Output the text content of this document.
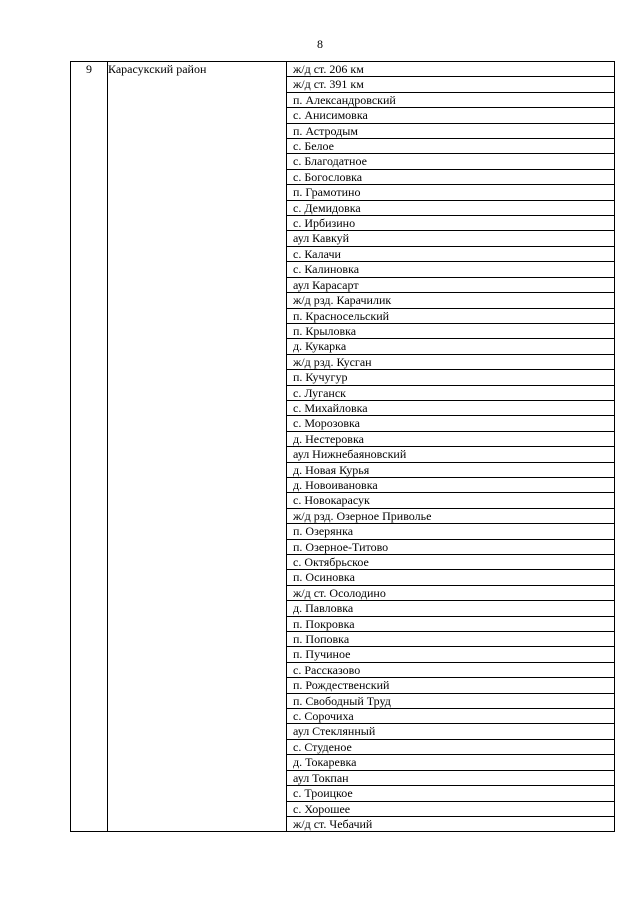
8
9	Карасукский район		ж/д ст. 206 км
ж/д ст. 391 км
п. Александровский
с. Анисимовка
п. Астродым
с. Белое
с. Благодатное
с. Богословка
п. Грамотино
с. Демидовка
с. Ирбизино
аул Кавкуй
с. Калачи
с. Калиновка
аул Карасарт
ж/д рзд. Карачилик
п. Красносельский
п. Крыловка
д. Кукарка
ж/д рзд. Кусган
п. Кучугур
с. Луганск
с. Михайловка
с. Морозовка
д. Нестеровка
аул Нижнебаяновский
д. Новая Курья
д. Новоивановка
с. Новокарасук
ж/д рзд. Озерное Приволье
п. Озерянка
п. Озерное-Титово
с. Октябрьское
п. Осиновка
ж/д ст. Осолодино
д. Павловка
п. Покровка
п. Поповка
п. Пучиное
с. Рассказово
п. Рождественский
п. Свободный Труд
с. Сорочиха
аул Стеклянный
с. Студеное
д. Токаревка
аул Токпан
с. Троицкое
с. Хорошее
ж/д ст. Чебачий
